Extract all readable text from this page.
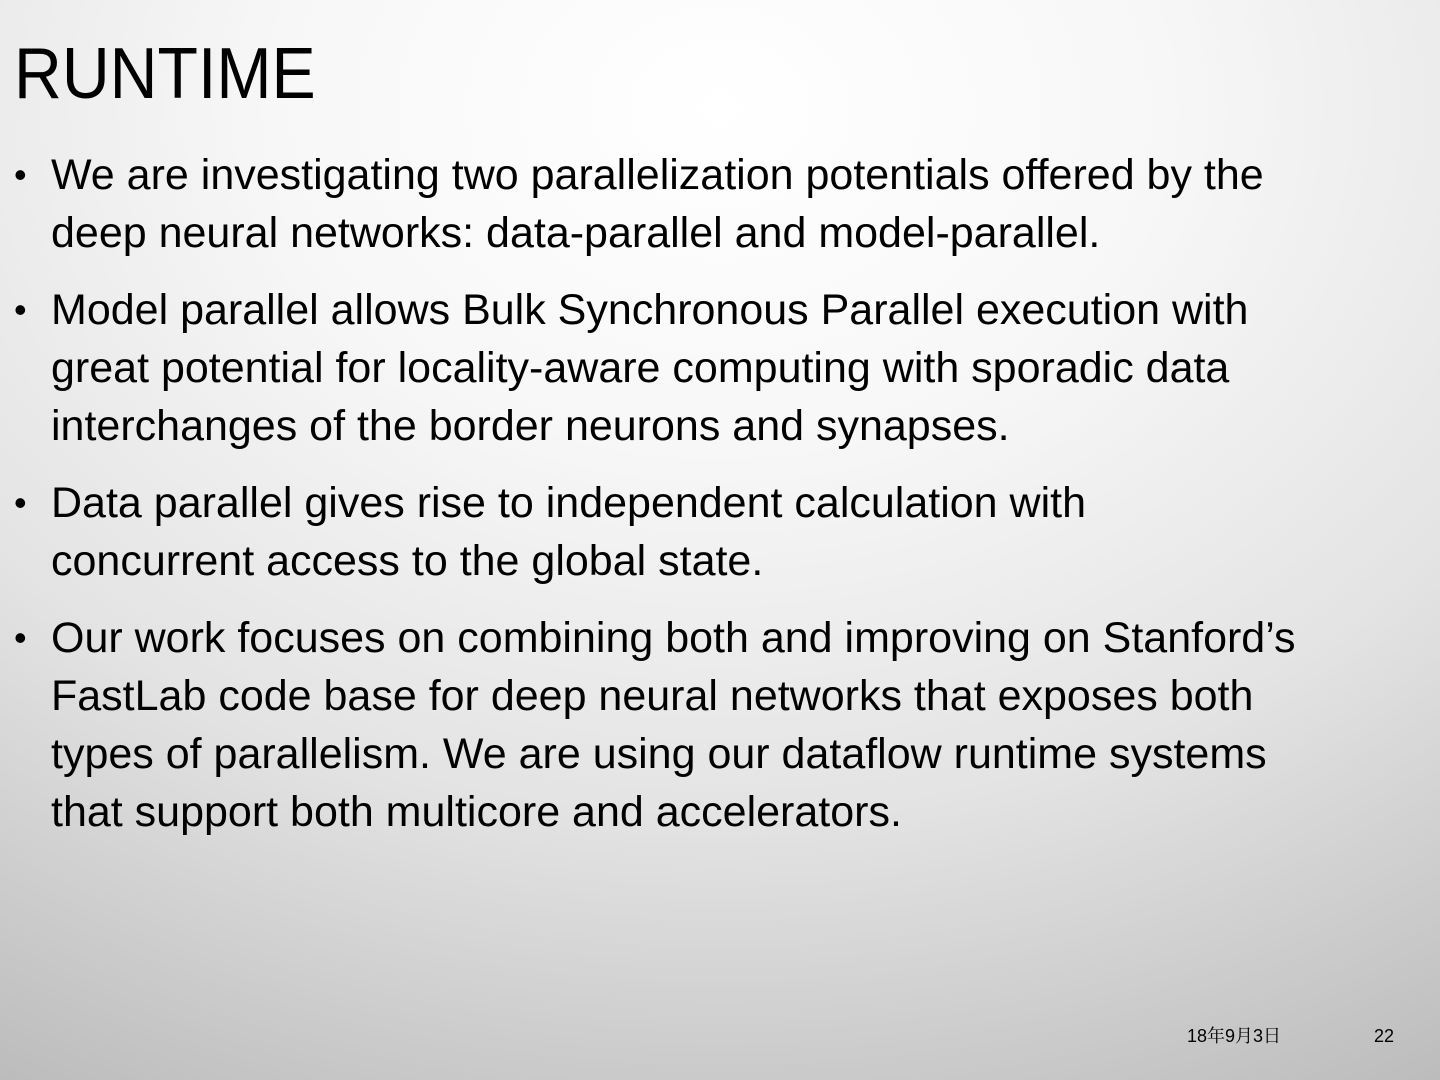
RUNTIME
• We are investigating two parallelization potentials offered by the
deep neural networks: data-parallel and model-parallel.
• Model parallel allows Bulk Synchronous Parallel execution with
great potential for locality-aware computing with sporadic data
interchanges of the border neurons and synapses.
• Data parallel gives rise to independent calculation with
concurrent access to the global state.
• Our work focuses on combining both and improving on Stanford’s
FastLab code base for deep neural networks that exposes both
types of parallelism. We are using our dataflow runtime systems
that support both multicore and accelerators.
18年9月3日	22
